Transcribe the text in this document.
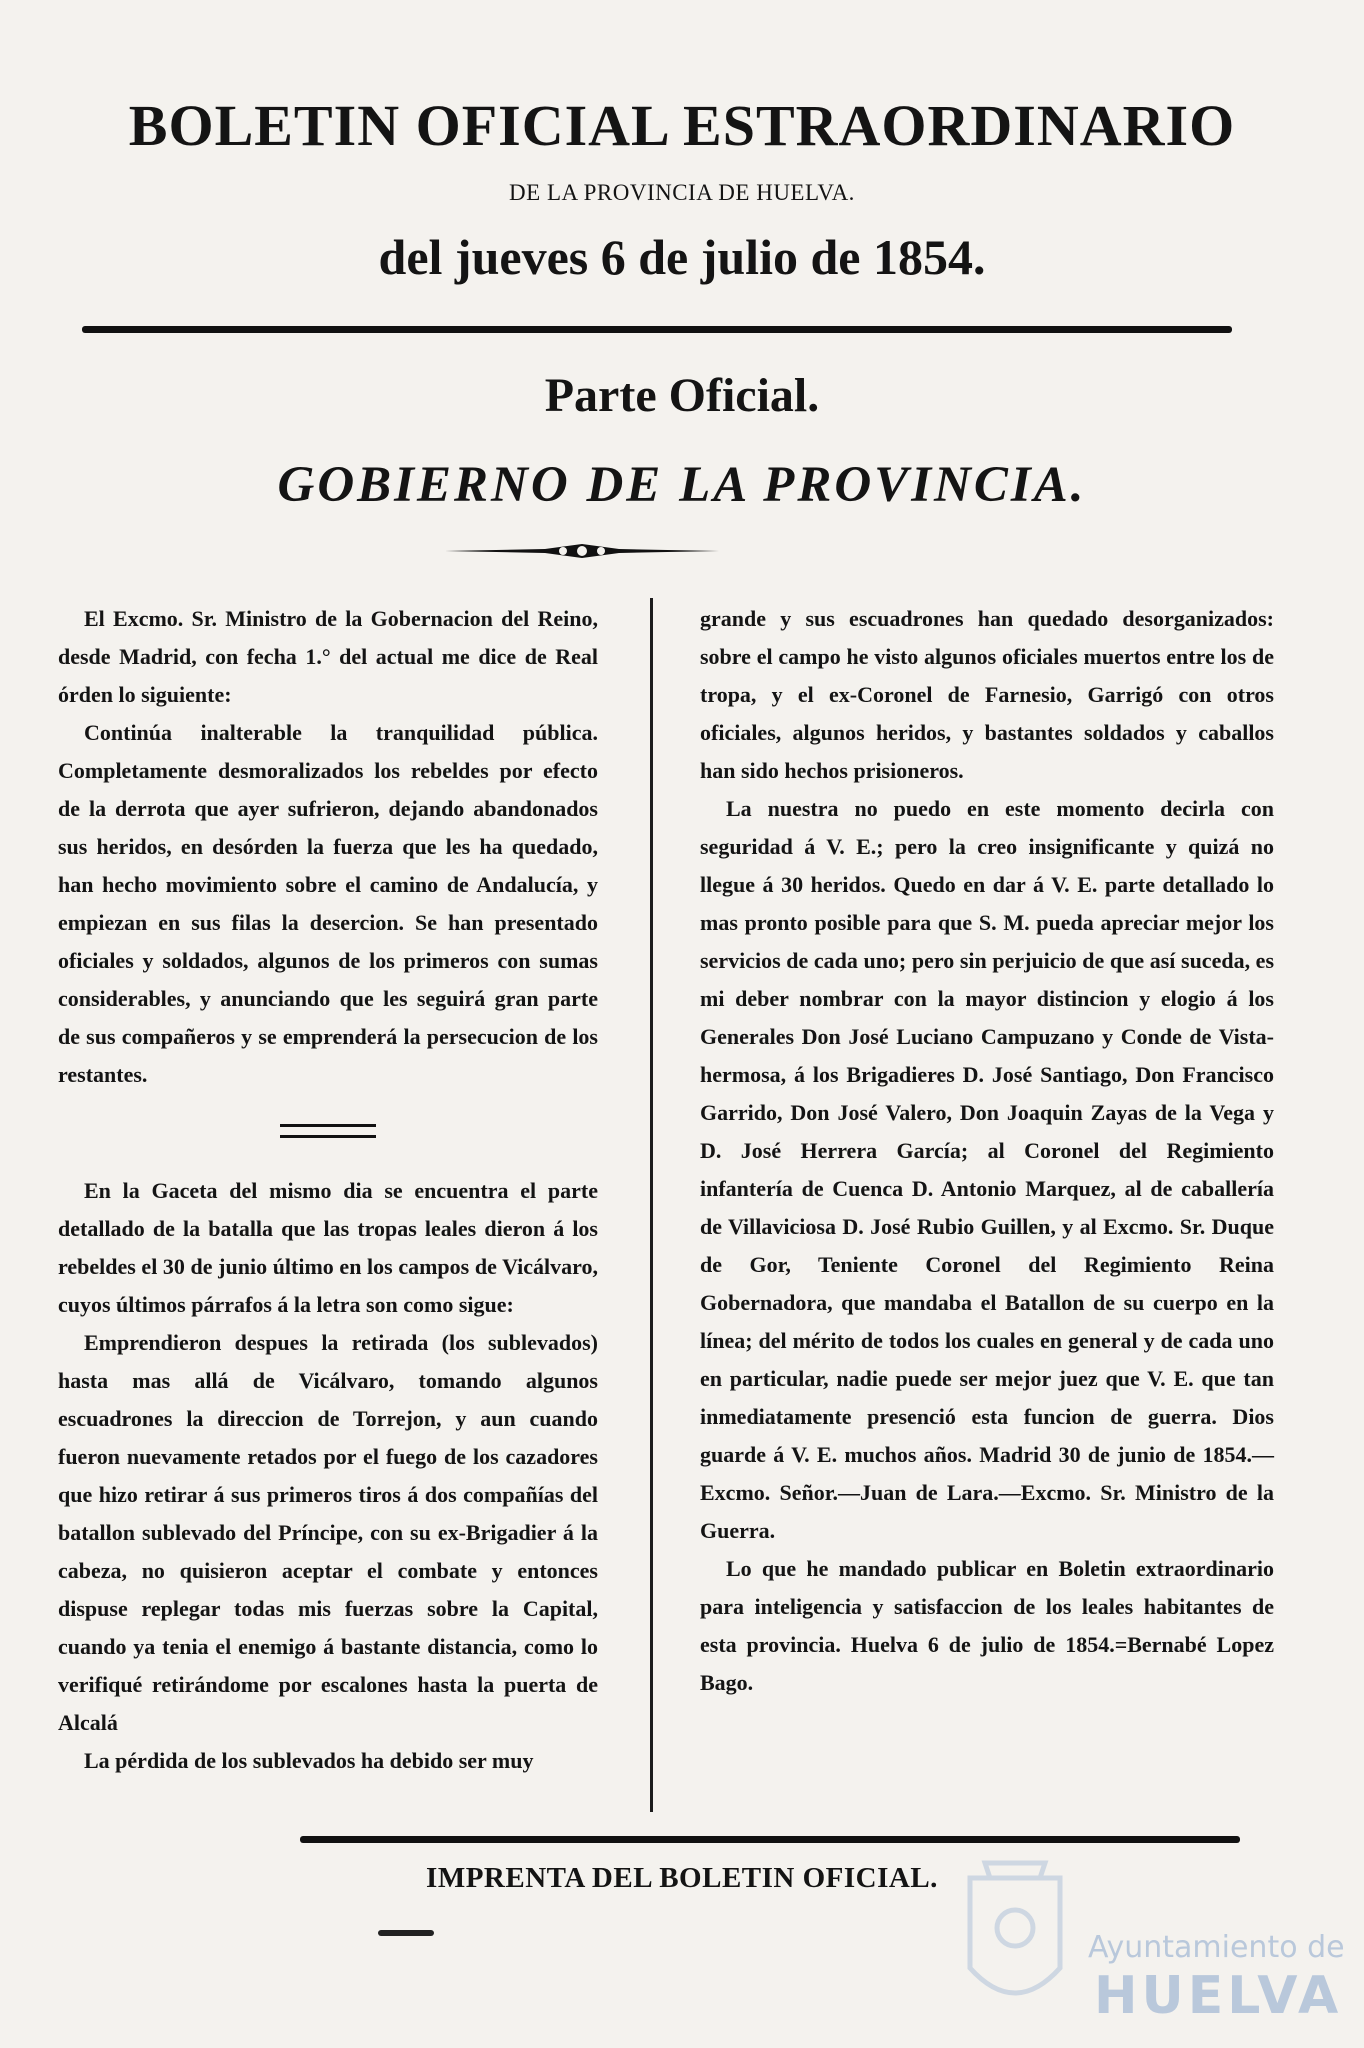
BOLETIN OFICIAL ESTRAORDINARIO
DE LA PROVINCIA DE HUELVA.
del jueves 6 de julio de 1854.
Parte Oficial.
GOBIERNO DE LA PROVINCIA.

El Excmo. Sr. Ministro de la Gobernacion del Reino, desde Madrid, con fecha 1.° del actual me dice de Real órden lo siguiente:

Continúa inalterable la tranquilidad pública. Completamente desmoralizados los rebeldes por efecto de la derrota que ayer sufrieron, dejando abandonados sus heridos, en desórden la fuerza que les ha quedado, han hecho movimiento sobre el camino de Andalucía, y empiezan en sus filas la desercion. Se han presentado oficiales y soldados, algunos de los primeros con sumas considerables, y anunciando que les seguirá gran parte de sus compañeros y se emprenderá la persecucion de los restantes.

En la Gaceta del mismo dia se encuentra el parte detallado de la batalla que las tropas leales dieron á los rebeldes el 30 de junio último en los campos de Vicálvaro, cuyos últimos párrafos á la letra son como sigue:

Emprendieron despues la retirada (los sublevados) hasta mas allá de Vicálvaro, tomando algunos escuadrones la direccion de Torrejon, y aun cuando fueron nuevamente retados por el fuego de los cazadores que hizo retirar á sus primeros tiros á dos compañías del batallon sublevado del Príncipe, con su ex-Brigadier á la cabeza, no quisieron aceptar el combate y entonces dispuse replegar todas mis fuerzas sobre la Capital, cuando ya tenia el enemigo á bastante distancia, como lo verifiqué retirándome por escalones hasta la puerta de Alcalá

La pérdida de los sublevados ha debido ser muy

grande y sus escuadrones han quedado desorganizados: sobre el campo he visto algunos oficiales muertos entre los de tropa, y el ex-Coronel de Farnesio, Garrigó con otros oficiales, algunos heridos, y bastantes soldados y caballos han sido hechos prisioneros.

La nuestra no puedo en este momento decirla con seguridad á V. E.; pero la creo insignificante y quizá no llegue á 30 heridos. Quedo en dar á V. E. parte detallado lo mas pronto posible para que S. M. pueda apreciar mejor los servicios de cada uno; pero sin perjuicio de que así suceda, es mi deber nombrar con la mayor distincion y elogio á los Generales Don José Luciano Campuzano y Conde de Vista-hermosa, á los Brigadieres D. José Santiago, Don Francisco Garrido, Don José Valero, Don Joaquin Zayas de la Vega y D. José Herrera García; al Coronel del Regimiento infantería de Cuenca D. Antonio Marquez, al de caballería de Villaviciosa D. José Rubio Guillen, y al Excmo. Sr. Duque de Gor, Teniente Coronel del Regimiento Reina Gobernadora, que mandaba el Batallon de su cuerpo en la línea; del mérito de todos los cuales en general y de cada uno en particular, nadie puede ser mejor juez que V. E. que tan inmediatamente presenció esta funcion de guerra. Dios guarde á V. E. muchos años. Madrid 30 de junio de 1854.—Excmo. Señor.—Juan de Lara.—Excmo. Sr. Ministro de la Guerra.

Lo que he mandado publicar en Boletin extraordinario para inteligencia y satisfaccion de los leales habitantes de esta provincia. Huelva 6 de julio de 1854.=Bernabé Lopez Bago.

IMPRENTA DEL BOLETIN OFICIAL.
Ayuntamiento de
HUELVA
